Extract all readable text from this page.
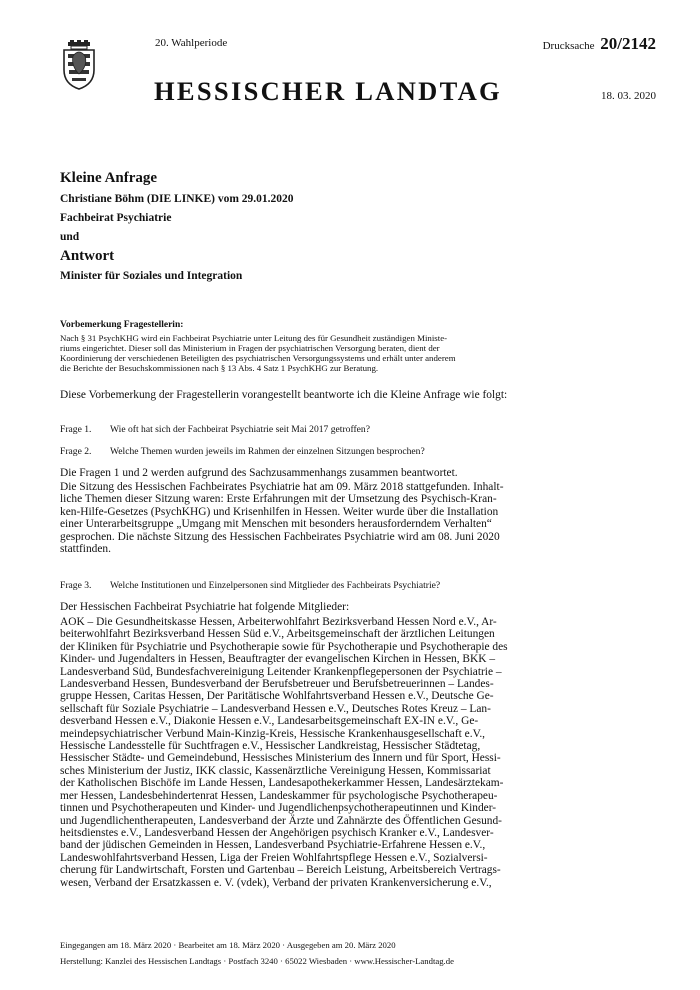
20. Wahlperiode
HESSISCHER LANDTAG
Drucksache 20/2142
18. 03. 2020
Kleine Anfrage
Christiane Böhm (DIE LINKE) vom 29.01.2020
Fachbeirat Psychiatrie
und
Antwort
Minister für Soziales und Integration
Vorbemerkung Fragestellerin:
Nach § 31 PsychKHG wird ein Fachbeirat Psychiatrie unter Leitung des für Gesundheit zuständigen Ministe-
riums eingerichtet. Dieser soll das Ministerium in Fragen der psychiatrischen Versorgung beraten, dient der
Koordinierung der verschiedenen Beteiligten des psychiatrischen Versorgungssystems und erhält unter anderem
die Berichte der Besuchskommissionen nach § 13 Abs. 4 Satz 1 PsychKHG zur Beratung.
Diese Vorbemerkung der Fragestellerin vorangestellt beantworte ich die Kleine Anfrage wie folgt:
Frage 1. Wie oft hat sich der Fachbeirat Psychiatrie seit Mai 2017 getroffen?
Frage 2. Welche Themen wurden jeweils im Rahmen der einzelnen Sitzungen besprochen?
Die Fragen 1 und 2 werden aufgrund des Sachzusammenhangs zusammen beantwortet.
Die Sitzung des Hessischen Fachbeirates Psychiatrie hat am 09. März 2018 stattgefunden. Inhalt-
liche Themen dieser Sitzung waren: Erste Erfahrungen mit der Umsetzung des Psychisch-Kran-
ken-Hilfe-Gesetzes (PsychKHG) und Krisenhilfen in Hessen. Weiter wurde über die Installation
einer Unterarbeitsgruppe „Umgang mit Menschen mit besonders herausforderndem Verhalten“
gesprochen. Die nächste Sitzung des Hessischen Fachbeirates Psychiatrie wird am 08. Juni 2020
stattfinden.
Frage 3. Welche Institutionen und Einzelpersonen sind Mitglieder des Fachbeirats Psychiatrie?
Der Hessischen Fachbeirat Psychiatrie hat folgende Mitglieder:
AOK – Die Gesundheitskasse Hessen, Arbeiterwohlfahrt Bezirksverband Hessen Nord e.V., Ar-
beiterwohlfahrt Bezirksverband Hessen Süd e.V., Arbeitsgemeinschaft der ärztlichen Leitungen
der Kliniken für Psychiatrie und Psychotherapie sowie für Psychotherapie und Psychotherapie des
Kinder- und Jugendalters in Hessen, Beauftragter der evangelischen Kirchen in Hessen, BKK –
Landesverband Süd, Bundesfachvereinigung Leitender Krankenpflegepersonen der Psychiatrie –
Landesverband Hessen, Bundesverband der Berufsbetreuer und Berufsbetreuerinnen – Landes-
gruppe Hessen, Caritas Hessen, Der Paritätische Wohlfahrtsverband Hessen e.V., Deutsche Ge-
sellschaft für Soziale Psychiatrie – Landesverband Hessen e.V., Deutsches Rotes Kreuz – Lan-
desverband Hessen e.V., Diakonie Hessen e.V., Landesarbeitsgemeinschaft EX-IN e.V., Ge-
meindepsychiatrischer Verbund Main-Kinzig-Kreis, Hessische Krankenhausgesellschaft e.V.,
Hessische Landesstelle für Suchtfragen e.V., Hessischer Landkreistag, Hessischer Städtetag,
Hessischer Städte- und Gemeindebund, Hessisches Ministerium des Innern und für Sport, Hessi-
sches Ministerium der Justiz, IKK classic, Kassenärztliche Vereinigung Hessen, Kommissariat
der Katholischen Bischöfe im Lande Hessen, Landesapothekerkammer Hessen, Landesärztekam-
mer Hessen, Landesbehindertenrat Hessen, Landeskammer für psychologische Psychotherapeu-
tinnen und Psychotherapeuten und Kinder- und Jugendlichenpsychotherapeutinnen und Kinder-
und Jugendlichentherapeuten, Landesverband der Ärzte und Zahnärzte des Öffentlichen Gesund-
heitsdienstes e.V., Landesverband Hessen der Angehörigen psychisch Kranker e.V., Landesver-
band der jüdischen Gemeinden in Hessen, Landesverband Psychiatrie-Erfahrene Hessen e.V.,
Landeswohlfahrtsverband Hessen, Liga der Freien Wohlfahrtspflege Hessen e.V., Sozialversi-
cherung für Landwirtschaft, Forsten und Gartenbau – Bereich Leistung, Arbeitsbereich Vertrags-
wesen, Verband der Ersatzkassen e. V. (vdek), Verband der privaten Krankenversicherung e.V.,
Eingegangen am 18. März 2020 · Bearbeitet am 18. März 2020 · Ausgegeben am 20. März 2020
Herstellung: Kanzlei des Hessischen Landtags · Postfach 3240 · 65022 Wiesbaden · www.Hessischer-Landtag.de
